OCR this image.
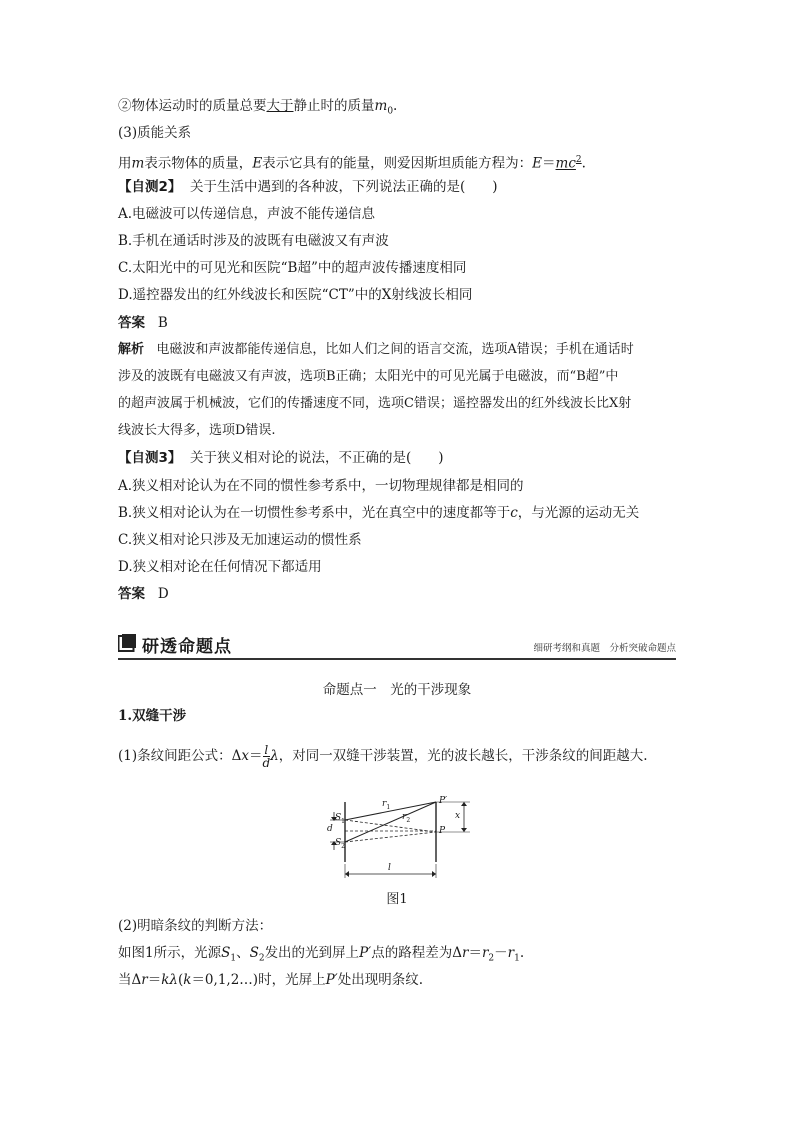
②物体运动时的质量总要大于静止时的质量$m_0$.
(3)质能关系
用m表示物体的质量，E表示它具有的能量，则爱因斯坦质能方程为：$E=mc^2$.
【自测2】 关于生活中遇到的各种波，下列说法正确的是(　　)
A.电磁波可以传递信息，声波不能传递信息
B.手机在通话时涉及的波既有电磁波又有声波
C.太阳光中的可见光和医院“B超”中的超声波传播速度相同
D.遥控器发出的红外线波长和医院“CT”中的X射线波长相同
答案 B
解析 电磁波和声波都能传递信息，比如人们之间的语言交流，选项A错误；手机在通话时
涉及的波既有电磁波又有声波，选项B正确；太阳光中的可见光属于电磁波，而“B超”中
的超声波属于机械波，它们的传播速度不同，选项C错误；遥控器发出的红外线波长比X射
线波长大得多，选项D错误.
【自测3】 关于狭义相对论的说法，不正确的是(　　)
A.狭义相对论认为在不同的惯性参考系中，一切物理规律都是相同的
B.狭义相对论认为在一切惯性参考系中，光在真空中的速度都等于c，与光源的运动无关
C.狭义相对论只涉及无加速运动的惯性系
D.狭义相对论在任何情况下都适用
答案 D
研透命题点	细研考纲和真题　分析突破命题点
命题点一　光的干涉现象
1.双缝干涉
(1)条纹间距公式：$\Delta x= \frac{l}{d}$ λ，对同一双缝干涉装置，光的波长越长，干涉条纹的间距越大.
$S_1$
d
$S_2$
$r_1$
$r_2$
P′
P
x
l
图1
(2)明暗条纹的判断方法：
如图1所示，光源$S_1$、$S_2$发出的光到屏上P′点的路程差为$\Delta r=r_2-r_1$.
当Δr＝kλ(k＝0,1,2…)时，光屏上P′处出现明条纹.
